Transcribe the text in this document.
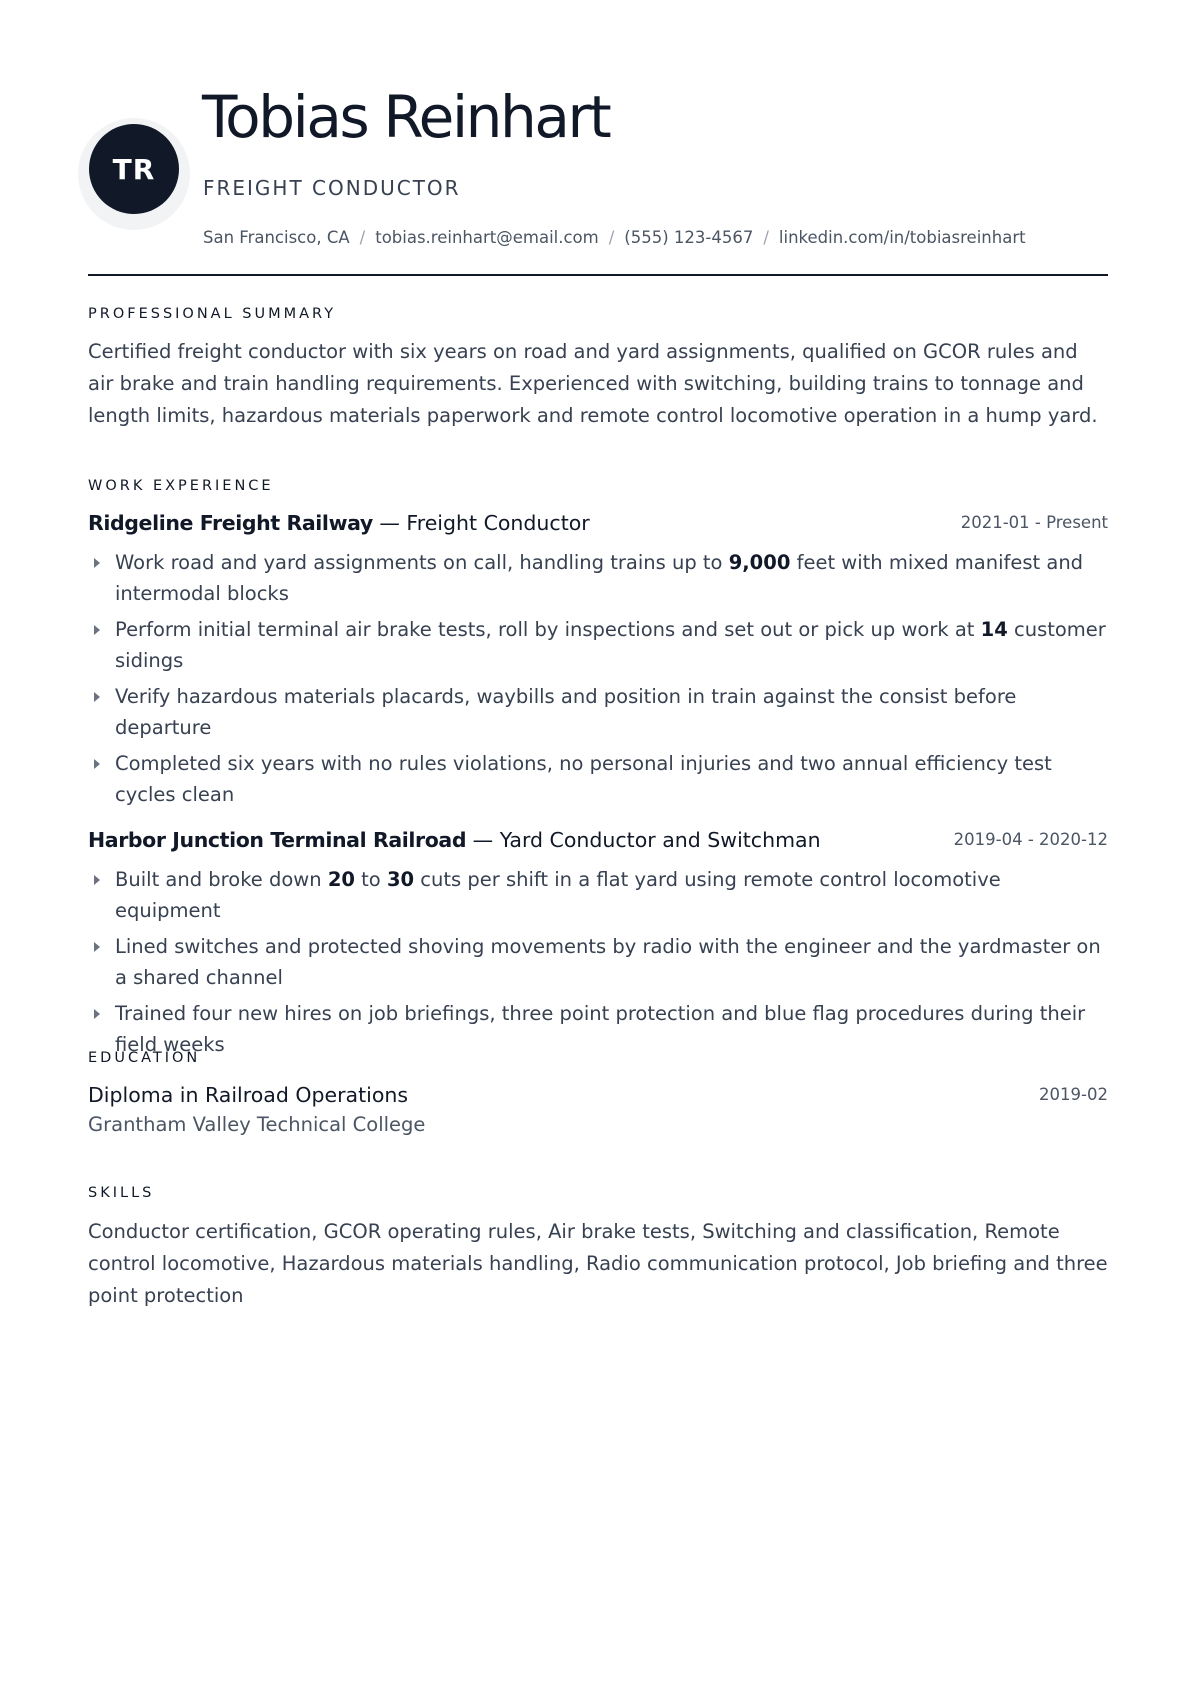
TR
Tobias Reinhart
FREIGHT CONDUCTOR
San Francisco, CA / tobias.reinhart@email.com / (555) 123-4567 / linkedin.com/in/tobiasreinhart
PROFESSIONAL SUMMARY

Certified freight conductor with six years on road and yard assignments, qualified on GCOR rules and air brake and train handling requirements. Experienced with switching, building trains to tonnage and length limits, hazardous materials paperwork and remote control locomotive operation in a hump yard.

WORK EXPERIENCE
Ridgeline Freight Railway — Freight Conductor	2021-01 - Present
Work road and yard assignments on call, handling trains up to 9,000 feet with mixed manifest and intermodal blocks
Perform initial terminal air brake tests, roll by inspections and set out or pick up work at 14 customer sidings
Verify hazardous materials placards, waybills and position in train against the consist before departure
Completed six years with no rules violations, no personal injuries and two annual efficiency test cycles clean
Harbor Junction Terminal Railroad — Yard Conductor and Switchman	2019-04 - 2020-12
Built and broke down 20 to 30 cuts per shift in a flat yard using remote control locomotive equipment
Lined switches and protected shoving movements by radio with the engineer and the yardmaster on a shared channel
Trained four new hires on job briefings, three point protection and blue flag procedures during their field weeks
EDUCATION
Diploma in Railroad Operations	2019-02
Grantham Valley Technical College
SKILLS

Conductor certification, GCOR operating rules, Air brake tests, Switching and classification, Remote control locomotive, Hazardous materials handling, Radio communication protocol, Job briefing and three point protection
